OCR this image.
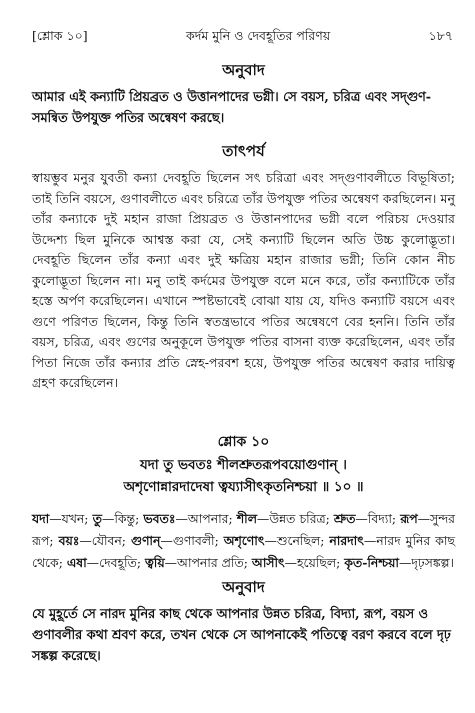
[শ্লোক ১০]	কর্দম মুনি ও দেবহূতির পরিণয়	১৮৭
অনুবাদ

আমার এই কন্যাটি প্রিয়ব্রত ও উত্তানপাদের ভগ্নী। সে বয়স, চরিত্র এবং সদ্‌গুণ-সমন্বিত উপযুক্ত পতির অন্বেষণ করছে।

তাৎপর্য

স্বায়ম্ভুব মনুর যুবতী কন্যা দেবহূতি ছিলেন সৎ চরিত্রা এবং সদ্‌গুণাবলীতে বিভূষিতা; তাই তিনি বয়সে, গুণাবলীতে এবং চরিত্রে তাঁর উপযুক্ত পতির অন্বেষণ করছিলেন। মনু তাঁর কন্যাকে দুই মহান রাজা প্রিয়ব্রত ও উত্তানপাদের ভগ্নী বলে পরিচয় দেওয়ার উদ্দেশ্য ছিল মুনিকে আশ্বস্ত করা যে, সেই কন্যাটি ছিলেন অতি উচ্চ কুলোদ্ভূতা। দেবহূতি ছিলেন তাঁর কন্যা এবং দুই ক্ষত্রিয় মহান রাজার ভগ্নী; তিনি কোন নীচ কুলোদ্ভূতা ছিলেন না। মনু তাই কর্দমের উপযুক্ত বলে মনে করে, তাঁর কন্যাটিকে তাঁর হস্তে অর্পণ করেছিলেন। এখানে স্পষ্টভাবেই বোঝা যায় যে, যদিও কন্যাটি বয়সে এবং গুণে পরিণত ছিলেন, কিন্তু তিনি স্বতন্ত্রভাবে পতির অন্বেষণে বের হননি। তিনি তাঁর বয়স, চরিত্র, এবং গুণের অনুকূলে উপযুক্ত পতির বাসনা ব্যক্ত করেছিলেন, এবং তাঁর পিতা নিজে তাঁর কন্যার প্রতি স্নেহ-পরবশ হয়ে, উপযুক্ত পতির অন্বেষণ করার দায়িত্ব গ্রহণ করেছিলেন।

শ্লোক ১০
যদা তু ভবতঃ শীলশ্রুতরূপবয়োগুণান্ ।
অশৃণোন্নারদাদেষা ত্বয্যাসীৎকৃতনিশ্চয়া ॥ ১০ ॥
যদা—যখন; তু—কিন্তু; ভবতঃ—আপনার; শীল—উন্নত চরিত্র; শ্রুত—বিদ্যা; রূপ—সুন্দর রূপ; বয়ঃ—যৌবন; গুণান্—গুণাবলী; অশৃণোৎ—শুনেছিল; নারদাৎ—নারদ মুনির কাছ থেকে; এষা—দেবহূতি; ত্বয়ি—আপনার প্রতি; আসীৎ—হয়েছিল; কৃত-নিশ্চয়া—দৃঢ়সঙ্কল্প।
অনুবাদ

যে মুহূর্তে সে নারদ মুনির কাছ থেকে আপনার উন্নত চরিত্র, বিদ্যা, রূপ, বয়স ও গুণাবলীর কথা শ্রবণ করে, তখন থেকে সে আপনাকেই পতিত্বে বরণ করবে বলে দৃঢ় সঙ্কল্প করেছে।
